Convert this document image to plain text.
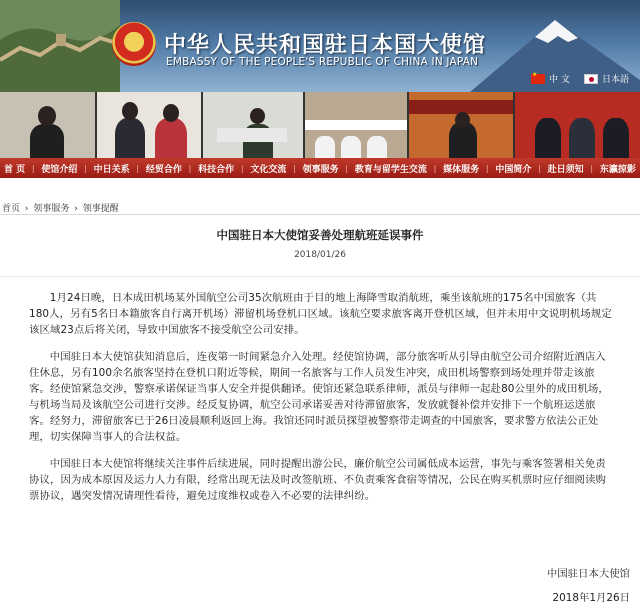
中华人民共和国驻日本国大使馆
EMBASSY OF THE PEOPLE'S REPUBLIC OF CHINA IN JAPAN
★
中 文	日本語
首 页 | 使馆介绍 | 中日关系 | 经贸合作 | 科技合作 | 文化交流 | 领事服务 | 教育与留学生交流 | 媒体服务 | 中国简介 | 赴日须知 | 东瀛掠影
首页 › 领事服务 › 领事提醒
中国驻日本大使馆妥善处理航班延误事件
2018/01/26

1月24日晚，日本成田机场某外国航空公司35次航班由于目的地上海降雪取消航班，乘坐该航班的175名中国旅客（共180人，另有5名日本籍旅客自行离开机场）滞留机场登机口区域。该航空要求旅客离开登机区域，但并未用中文说明机场规定该区域23点后将关闭，导致中国旅客不接受航空公司安排。

中国驻日本大使馆获知消息后，连夜第一时间紧急介入处理。经使馆协调，部分旅客听从引导由航空公司介绍附近酒店入住休息，另有100余名旅客坚持在登机口附近等候，期间一名旅客与工作人员发生冲突，成田机场警察到场处理并带走该旅客。经使馆紧急交涉，警察承诺保证当事人安全并提供翻译。使馆还紧急联系律师，派员与律师一起赴80公里外的成田机场，与机场当局及该航空公司进行交涉。经反复协调，航空公司承诺妥善对待滞留旅客，发放就餐补偿并安排下一个航班运送旅客。经努力，滞留旅客已于26日凌晨顺利返回上海。我馆还同时派员探望被警察带走调查的中国旅客，要求警方依法公正处理，切实保障当事人的合法权益。

中国驻日本大使馆将继续关注事件后续进展，同时提醒出游公民，廉价航空公司属低成本运营，事先与乘客签署相关免责协议，因为成本原因及运力人力有限，经常出现无法及时改签航班、不负责乘客食宿等情况，公民在购买机票时应仔细阅读购票协议，遇突发情况请理性看待，避免过度维权或卷入不必要的法律纠纷。

中国驻日本大使馆
2018年1月26日
